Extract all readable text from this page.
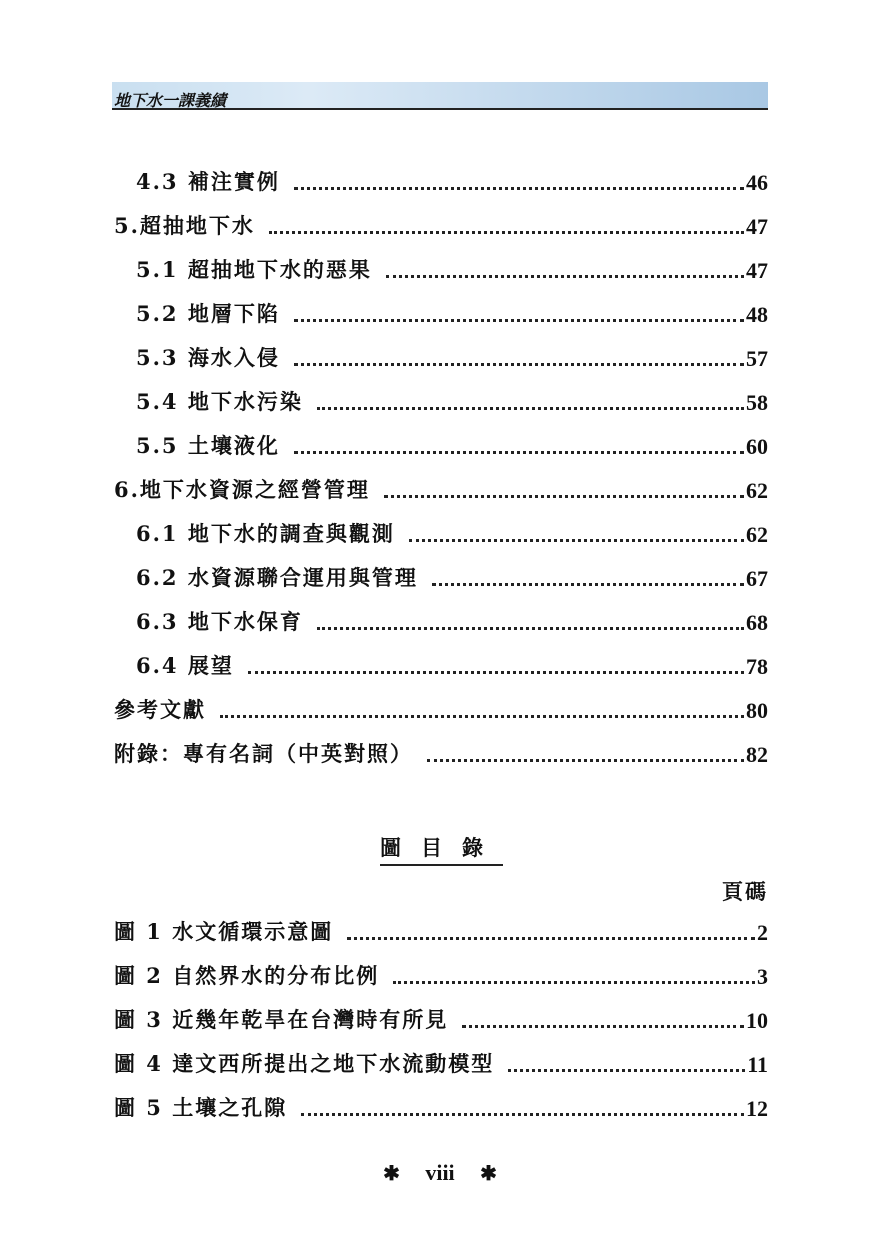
地下水一課義績
4.3 補注實例	46
5.超抽地下水	47
5.1 超抽地下水的惡果	47
5.2 地層下陷	48
5.3 海水入侵	57
5.4 地下水污染	58
5.5 土壤液化	60
6.地下水資源之經營管理	62
6.1 地下水的調查與觀測	62
6.2 水資源聯合運用與管理	67
6.3 地下水保育	68
6.4 展望	78
參考文獻	80
附錄：專有名詞（中英對照）	82
圖目錄
頁碼
圖 1 水文循環示意圖	2
圖 2 自然界水的分布比例	3
圖 3 近幾年乾旱在台灣時有所見	10
圖 4 達文西所提出之地下水流動模型	11
圖 5 土壤之孔隙	12
✱ viii ✱
